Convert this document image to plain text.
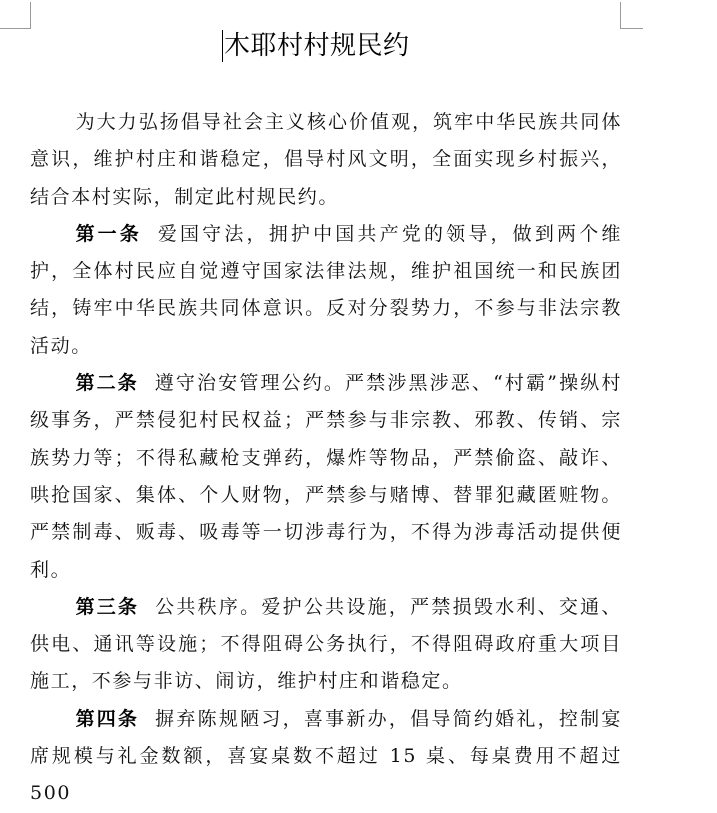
木耶村村规民约

为大力弘扬倡导社会主义核心价值观，筑牢中华民族共同体意识，维护村庄和谐稳定，倡导村风文明，全面实现乡村振兴，结合本村实际，制定此村规民约。

第一条 爱国守法，拥护中国共产党的领导，做到两个维护，全体村民应自觉遵守国家法律法规，维护祖国统一和民族团结，铸牢中华民族共同体意识。反对分裂势力，不参与非法宗教活动。

第二条 遵守治安管理公约。严禁涉黑涉恶、“村霸”操纵村级事务，严禁侵犯村民权益；严禁参与非宗教、邪教、传销、宗族势力等；不得私藏枪支弹药，爆炸等物品，严禁偷盗、敲诈、哄抢国家、集体、个人财物，严禁参与赌博、替罪犯藏匿赃物。严禁制毒、贩毒、吸毒等一切涉毒行为，不得为涉毒活动提供便利。

第三条 公共秩序。爱护公共设施，严禁损毁水利、交通、供电、通讯等设施；不得阻碍公务执行，不得阻碍政府重大项目施工，不参与非访、闹访，维护村庄和谐稳定。

第四条 摒弃陈规陋习，喜事新办，倡导简约婚礼，控制宴席规模与礼金数额，喜宴桌数不超过 15 桌、每桌费用不超过 500
